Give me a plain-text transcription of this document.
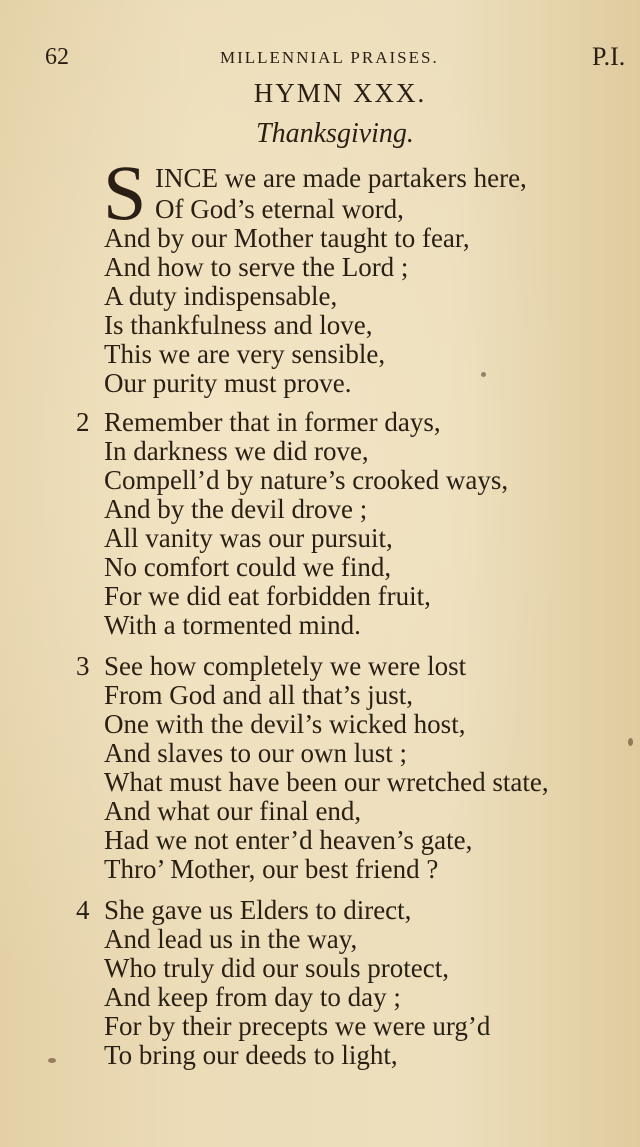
62	MILLENNIAL PRAISES.	P.I.
HYMN XXX.
Thanksgiving.
S INCE we are made partakers here,
Of God’s eternal word,
And by our Mother taught to fear,
And how to serve the Lord ;
A duty indispensable,
Is thankfulness and love,
This we are very sensible,
Our purity must prove.
2 Remember that in former days,
In darkness we did rove,
Compell’d by nature’s crooked ways,
And by the devil drove ;
All vanity was our pursuit,
No comfort could we find,
For we did eat forbidden fruit,
With a tormented mind.
3 See how completely we were lost
From God and all that’s just,
One with the devil’s wicked host,
And slaves to our own lust ;
What must have been our wretched state,
And what our final end,
Had we not enter’d heaven’s gate,
Thro’ Mother, our best friend ?
4 She gave us Elders to direct,
And lead us in the way,
Who truly did our souls protect,
And keep from day to day ;
For by their precepts we were urg’d
To bring our deeds to light,
